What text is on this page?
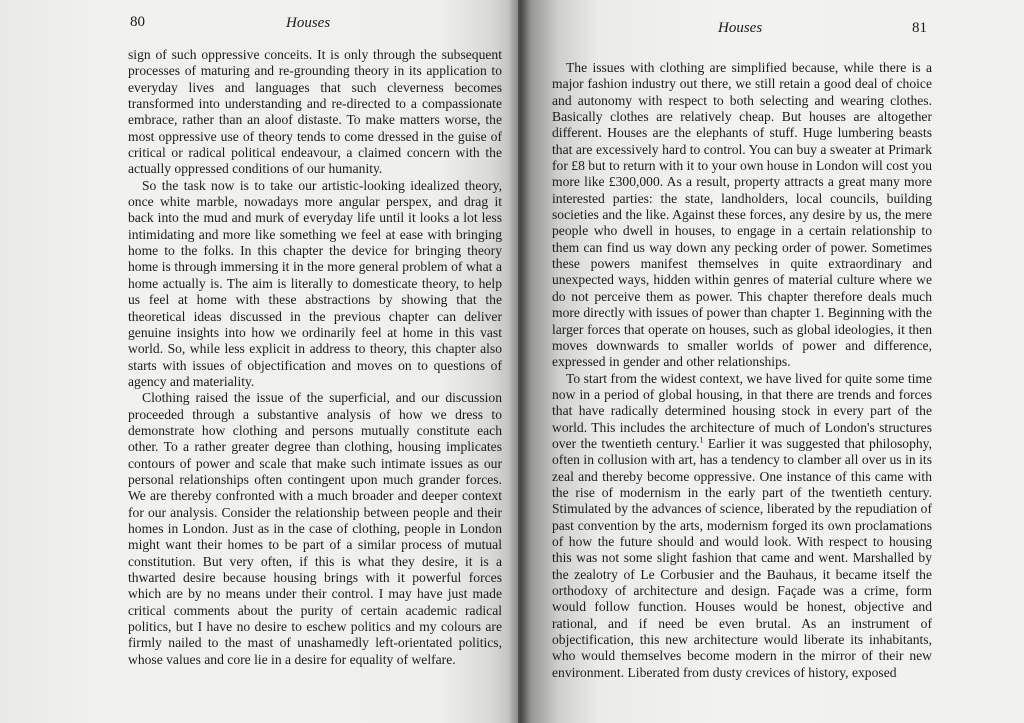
80	Houses

sign of such oppressive conceits. It is only through the subsequent processes of maturing and re-grounding theory in its application to everyday lives and languages that such cleverness becomes transformed into understanding and re-directed to a compassionate embrace, rather than an aloof distaste. To make matters worse, the most oppressive use of theory tends to come dressed in the guise of critical or radical political endeavour, a claimed concern with the actually oppressed conditions of our humanity.

So the task now is to take our artistic-looking idealized theory, once white marble, nowadays more angular perspex, and drag it back into the mud and murk of everyday life until it looks a lot less intimidating and more like something we feel at ease with bringing home to the folks. In this chapter the device for bringing theory home is through immersing it in the more general problem of what a home actually is. The aim is literally to domesticate theory, to help us feel at home with these abstractions by showing that the theoretical ideas discussed in the previous chapter can deliver genuine insights into how we ordinarily feel at home in this vast world. So, while less explicit in address to theory, this chapter also starts with issues of objectification and moves on to questions of agency and materiality.

Clothing raised the issue of the superficial, and our discussion proceeded through a substantive analysis of how we dress to demonstrate how clothing and persons mutually constitute each other. To a rather greater degree than clothing, housing implicates contours of power and scale that make such intimate issues as our personal relationships often contingent upon much grander forces. We are thereby confronted with a much broader and deeper context for our analysis. Consider the relationship between people and their homes in London. Just as in the case of clothing, people in London might want their homes to be part of a similar process of mutual constitution. But very often, if this is what they desire, it is a thwarted desire because housing brings with it powerful forces which are by no means under their control. I may have just made critical comments about the purity of certain academic radical politics, but I have no desire to eschew politics and my colours are firmly nailed to the mast of unashamedly left-orientated politics, whose values and core lie in a desire for equality of welfare.

Houses	81

The issues with clothing are simplified because, while there is a major fashion industry out there, we still retain a good deal of choice and autonomy with respect to both selecting and wearing clothes. Basically clothes are relatively cheap. But houses are altogether different. Houses are the elephants of stuff. Huge lumbering beasts that are excessively hard to control. You can buy a sweater at Primark for £8 but to return with it to your own house in London will cost you more like £300,000. As a result, property attracts a great many more interested parties: the state, landholders, local councils, building societies and the like. Against these forces, any desire by us, the mere people who dwell in houses, to engage in a certain relationship to them can find us way down any pecking order of power. Sometimes these powers manifest themselves in quite extraordinary and unexpected ways, hidden within genres of material culture where we do not perceive them as power. This chapter therefore deals much more directly with issues of power than chapter 1. Beginning with the larger forces that operate on houses, such as global ideologies, it then moves downwards to smaller worlds of power and difference, expressed in gender and other relationships.

To start from the widest context, we have lived for quite some time now in a period of global housing, in that there are trends and forces that have radically determined housing stock in every part of the world. This includes the architecture of much of London's structures over the twentieth century.$^1$ Earlier it was suggested that philosophy, often in collusion with art, has a tendency to clamber all over us in its zeal and thereby become oppressive. One instance of this came with the rise of modernism in the early part of the twentieth century. Stimulated by the advances of science, liberated by the repudiation of past convention by the arts, modernism forged its own proclamations of how the future should and would look. With respect to housing this was not some slight fashion that came and went. Marshalled by the zealotry of Le Corbusier and the Bauhaus, it became itself the orthodoxy of architecture and design. Façade was a crime, form would follow function. Houses would be honest, objective and rational, and if need be even brutal. As an instrument of objectification, this new architecture would liberate its inhabitants, who would themselves become modern in the mirror of their new environment. Liberated from dusty crevices of history, exposed
